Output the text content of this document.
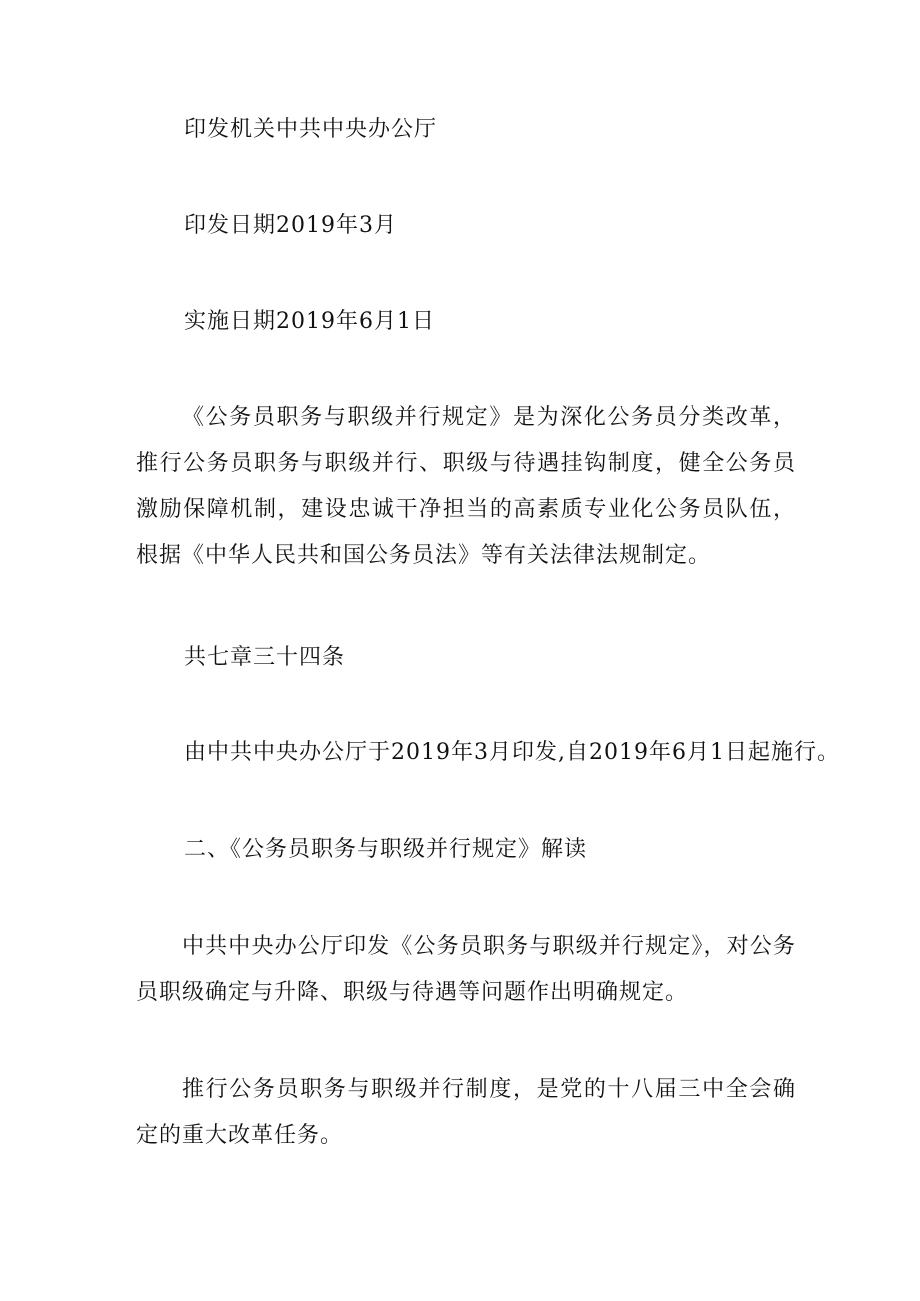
印发机关中共中央办公厅

印发日期2019年3月

实施日期2019年6月1日

《公务员职务与职级并行规定》是为深化公务员分类改革，推行公务员职务与职级并行、职级与待遇挂钩制度，健全公务员激励保障机制，建设忠诚干净担当的高素质专业化公务员队伍，根据《中华人民共和国公务员法》等有关法律法规制定。

共七章三十四条

由中共中央办公厅于2019年3月印发,自2019年6月1日起施行。

二、《公务员职务与职级并行规定》解读

中共中央办公厅印发《公务员职务与职级并行规定》，对公务员职级确定与升降、职级与待遇等问题作出明确规定。

推行公务员职务与职级并行制度，是党的十八届三中全会确定的重大改革任务。
